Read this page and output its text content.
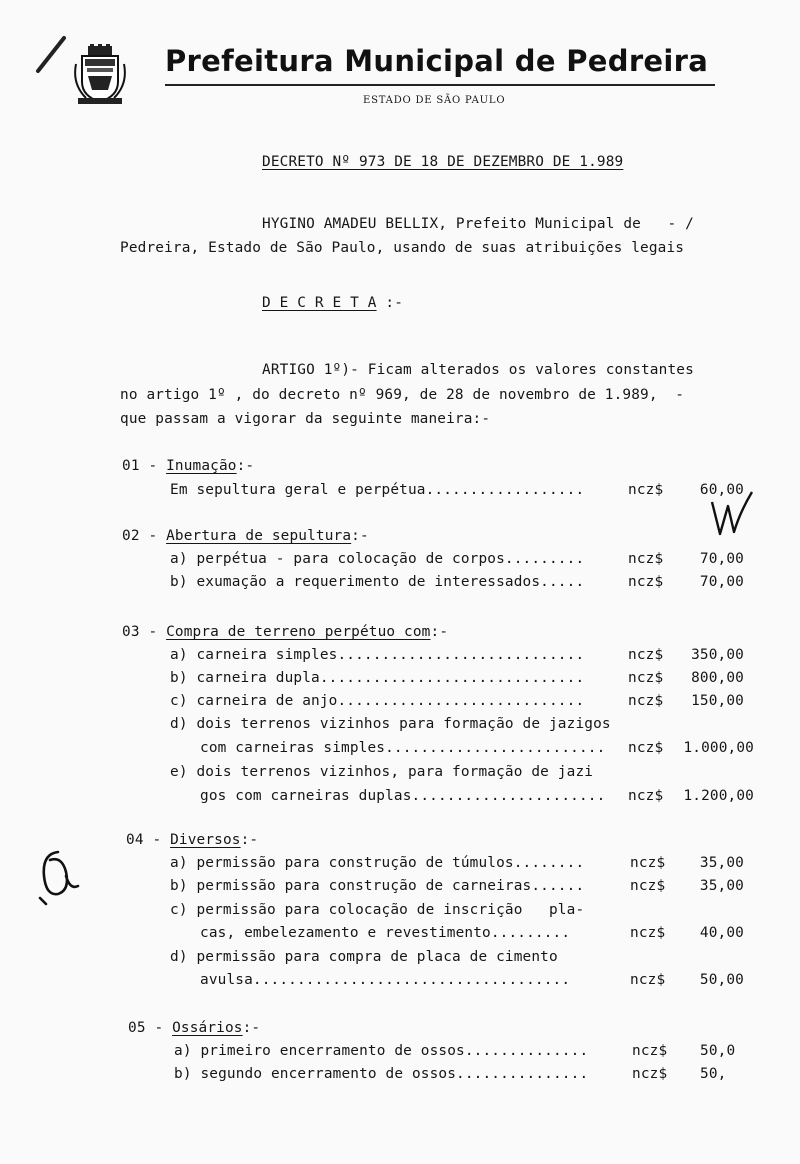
Prefeitura Municipal de Pedreira
ESTADO DE SÃO PAULO
DECRETO Nº 973 DE 18 DE DEZEMBRO DE 1.989
HYGINO AMADEU BELLIX, Prefeito Municipal de   - /
Pedreira, Estado de São Paulo, usando de suas atribuições legais
D E C R E T A :-
ARTIGO 1º)- Ficam alterados os valores constantes
no artigo 1º , do decreto nº 969, de 28 de novembro de 1.989,  -
que passam a vigorar da seguinte maneira:-
01 - Inumação:-
Em sepultura geral e perpétua..................	ncz$	60,00
02 - Abertura de sepultura:-
a) perpétua - para colocação de corpos.........	ncz$	70,00
b) exumação a requerimento de interessados.....	ncz$	70,00
03 - Compra de terreno perpétuo com:-
a) carneira simples............................	ncz$ 350,00
b) carneira dupla..............................	ncz$ 800,00
c) carneira de anjo............................	ncz$ 150,00
d) dois terrenos vizinhos para formação de jazigos
com carneiras simples......................... ncz$ 1.000,00
e) dois terrenos vizinhos, para formação de jazi
gos com carneiras duplas...................... ncz$ 1.200,00
04 - Diversos:-
a) permissão para construção de túmulos........	ncz$ 35,00
b) permissão para construção de carneiras......	ncz$ 35,00
c) permissão para colocação de inscrição   pla-
cas, embelezamento e revestimento.........	ncz$ 40,00
d) permissão para compra de placa de cimento
avulsa....................................	ncz$ 50,00
05 - Ossários:-
a) primeiro encerramento de ossos..............	ncz$ 50,0
b) segundo encerramento de ossos...............	ncz$ 50,
